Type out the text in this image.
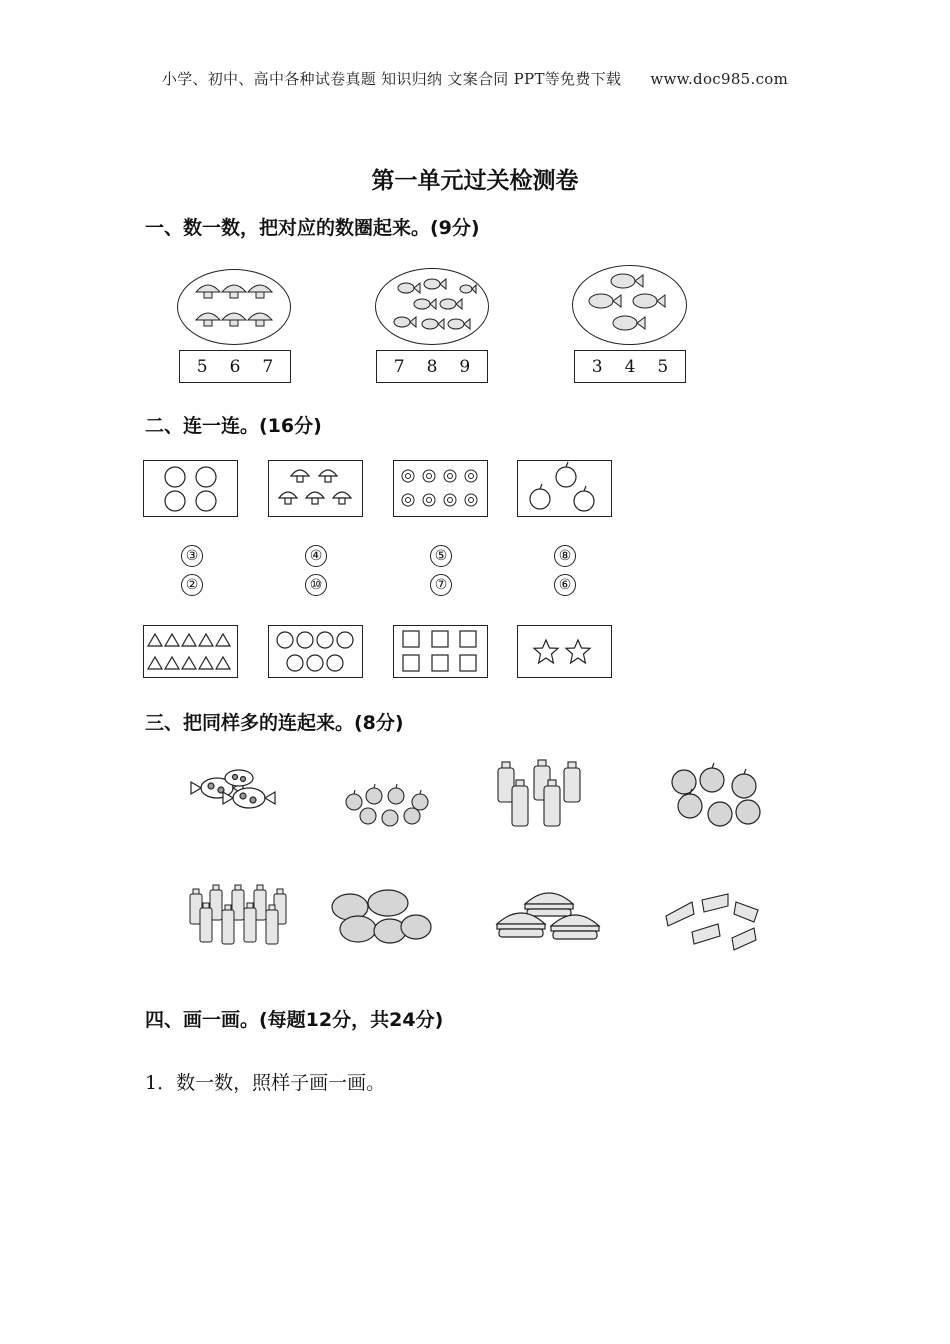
小学、初中、高中各种试卷真题 知识归纳 文案合同 PPT等免费下载 www.doc985.com
第一单元过关检测卷
一、数一数，把对应的数圈起来。(9分)
5 6 7	7 8 9	3 4 5
二、连一连。(16分)
③	④	⑤	⑧
②	⑩	⑦	⑥
三、把同样多的连起来。(8分)
四、画一画。(每题12分，共24分)
1．数一数，照样子画一画。
